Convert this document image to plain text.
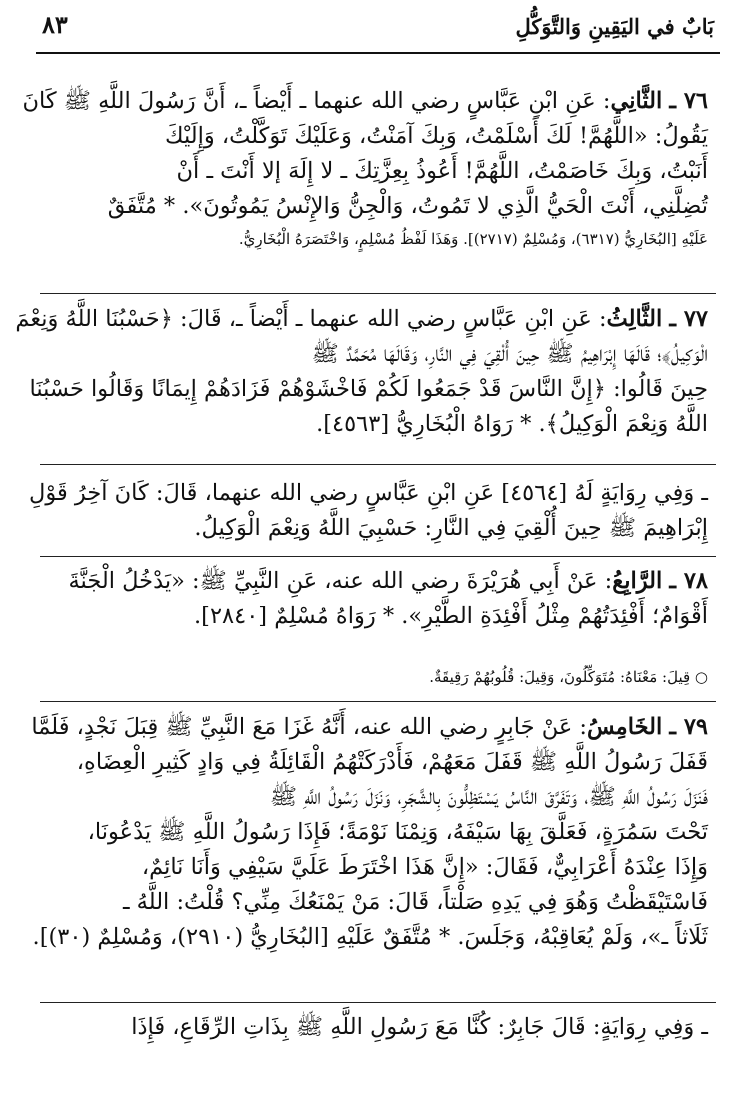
٨٣	بَابٌ في اليَقِينِ وَالتَّوَكُّلِ
٧٦ ـ الثَّانِي: عَنِ ابْنِ عَبَّاسٍ رضي الله عنهما ـ أَيْضاً ـ، أَنَّ رَسُولَ اللَّهِ ﷺ كَانَ
يَقُولُ: «اللَّهُمَّ! لَكَ أَسْلَمْتُ، وَبِكَ آمَنْتُ، وَعَلَيْكَ تَوَكَّلْتُ، وَإِلَيْكَ
أَنَبْتُ، وَبِكَ خَاصَمْتُ، اللَّهُمَّ! أَعُوذُ بِعِزَّتِكَ ـ لا إِلَهَ إلا أَنْتَ ـ أَنْ
تُضِلَّنِي، أَنْتَ الْحَيُّ الَّذِي لا تَمُوتُ، وَالْجِنُّ وَالإِنْسُ يَمُوتُونَ». * مُتَّفَقٌ
عَلَيْهِ [البُخَارِيُّ (٦٣١٧)، وَمُسْلِمٌ (٢٧١٧)]. وَهَذَا لَفْظُ مُسْلِمٍ، وَاخْتَصَرَهُ الْبُخَارِيُّ.
٧٧ ـ الثَّالِثُ: عَنِ ابْنِ عَبَّاسٍ رضي الله عنهما ـ أَيْضاً ـ، قَالَ: ﴿حَسْبُنَا اللَّهُ وَنِعْمَ
الْوَكِيلُ﴾؛ قَالَهَا إِبْرَاهِيمُ ﷺ حِينَ أُلْقِيَ فِي النَّارِ، وَقَالَهَا مُحَمَّدٌ ﷺ
حِينَ قَالُوا: ﴿إِنَّ النَّاسَ قَدْ جَمَعُوا لَكُمْ فَاخْشَوْهُمْ فَزَادَهُمْ إِيمَانًا وَقَالُوا حَسْبُنَا
اللَّهُ وَنِعْمَ الْوَكِيلُ﴾. * رَوَاهُ الْبُخَارِيُّ [٤٥٦٣].
ـ وَفِي رِوَايَةٍ لَهُ [٤٥٦٤] عَنِ ابْنِ عَبَّاسٍ رضي الله عنهما، قَالَ: كَانَ آخِرُ قَوْلِ
إِبْرَاهِيمَ ﷺ حِينَ أُلْقِيَ فِي النَّارِ: حَسْبِيَ اللَّهُ وَنِعْمَ الْوَكِيلُ.
٧٨ ـ الرَّابِعُ: عَنْ أَبِي هُرَيْرَةَ رضي الله عنه، عَنِ النَّبِيِّ ﷺ: «يَدْخُلُ الْجَنَّةَ
أَقْوَامٌ؛ أَفْئِدَتُهُمْ مِثْلُ أَفْئِدَةِ الطَّيْرِ». * رَوَاهُ مُسْلِمٌ [٢٨٤٠].
○ قِيلَ: مَعْنَاهُ: مُتَوَكِّلُونَ، وَقِيلَ: قُلُوبُهُمْ رَقِيقَةٌ.
٧٩ ـ الخَامِسُ: عَنْ جَابِرٍ رضي الله عنه، أَنَّهُ غَزَا مَعَ النَّبِيِّ ﷺ قِبَلَ نَجْدٍ، فَلَمَّا
قَفَلَ رَسُولُ اللَّهِ ﷺ قَفَلَ مَعَهُمْ، فَأَدْرَكَتْهُمُ الْقَائِلَةُ فِي وَادٍ كَثِيرِ الْعِضَاهِ،
فَنَزَلَ رَسُولُ اللَّهِ ﷺ، وَتَفَرَّقَ النَّاسُ يَسْتَظِلُّونَ بِالشَّجَرِ، وَنَزَلَ رَسُولُ اللَّهِ ﷺ
تَحْتَ سَمُرَةٍ، فَعَلَّقَ بِهَا سَيْفَهُ، وَنِمْنَا نَوْمَةً؛ فَإِذَا رَسُولُ اللَّهِ ﷺ يَدْعُونَا،
وَإِذَا عِنْدَهُ أَعْرَابِيٌّ، فَقَالَ: «إِنَّ هَذَا اخْتَرَطَ عَلَيَّ سَيْفِي وَأَنَا نَائِمٌ،
فَاسْتَيْقَظْتُ وَهُوَ فِي يَدِهِ صَلْتاً، قَالَ: مَنْ يَمْنَعُكَ مِنِّي؟ قُلْتُ: اللَّهُ ـ
ثَلَاثاً ـ»، وَلَمْ يُعَاقِبْهُ، وَجَلَسَ. * مُتَّفَقٌ عَلَيْهِ [البُخَارِيُّ (٢٩١٠)، وَمُسْلِمٌ (٣٠)].
ـ وَفِي رِوَايَةٍ: قَالَ جَابِرٌ: كُنَّا مَعَ رَسُولِ اللَّهِ ﷺ بِذَاتِ الرِّقَاعِ، فَإِذَا
